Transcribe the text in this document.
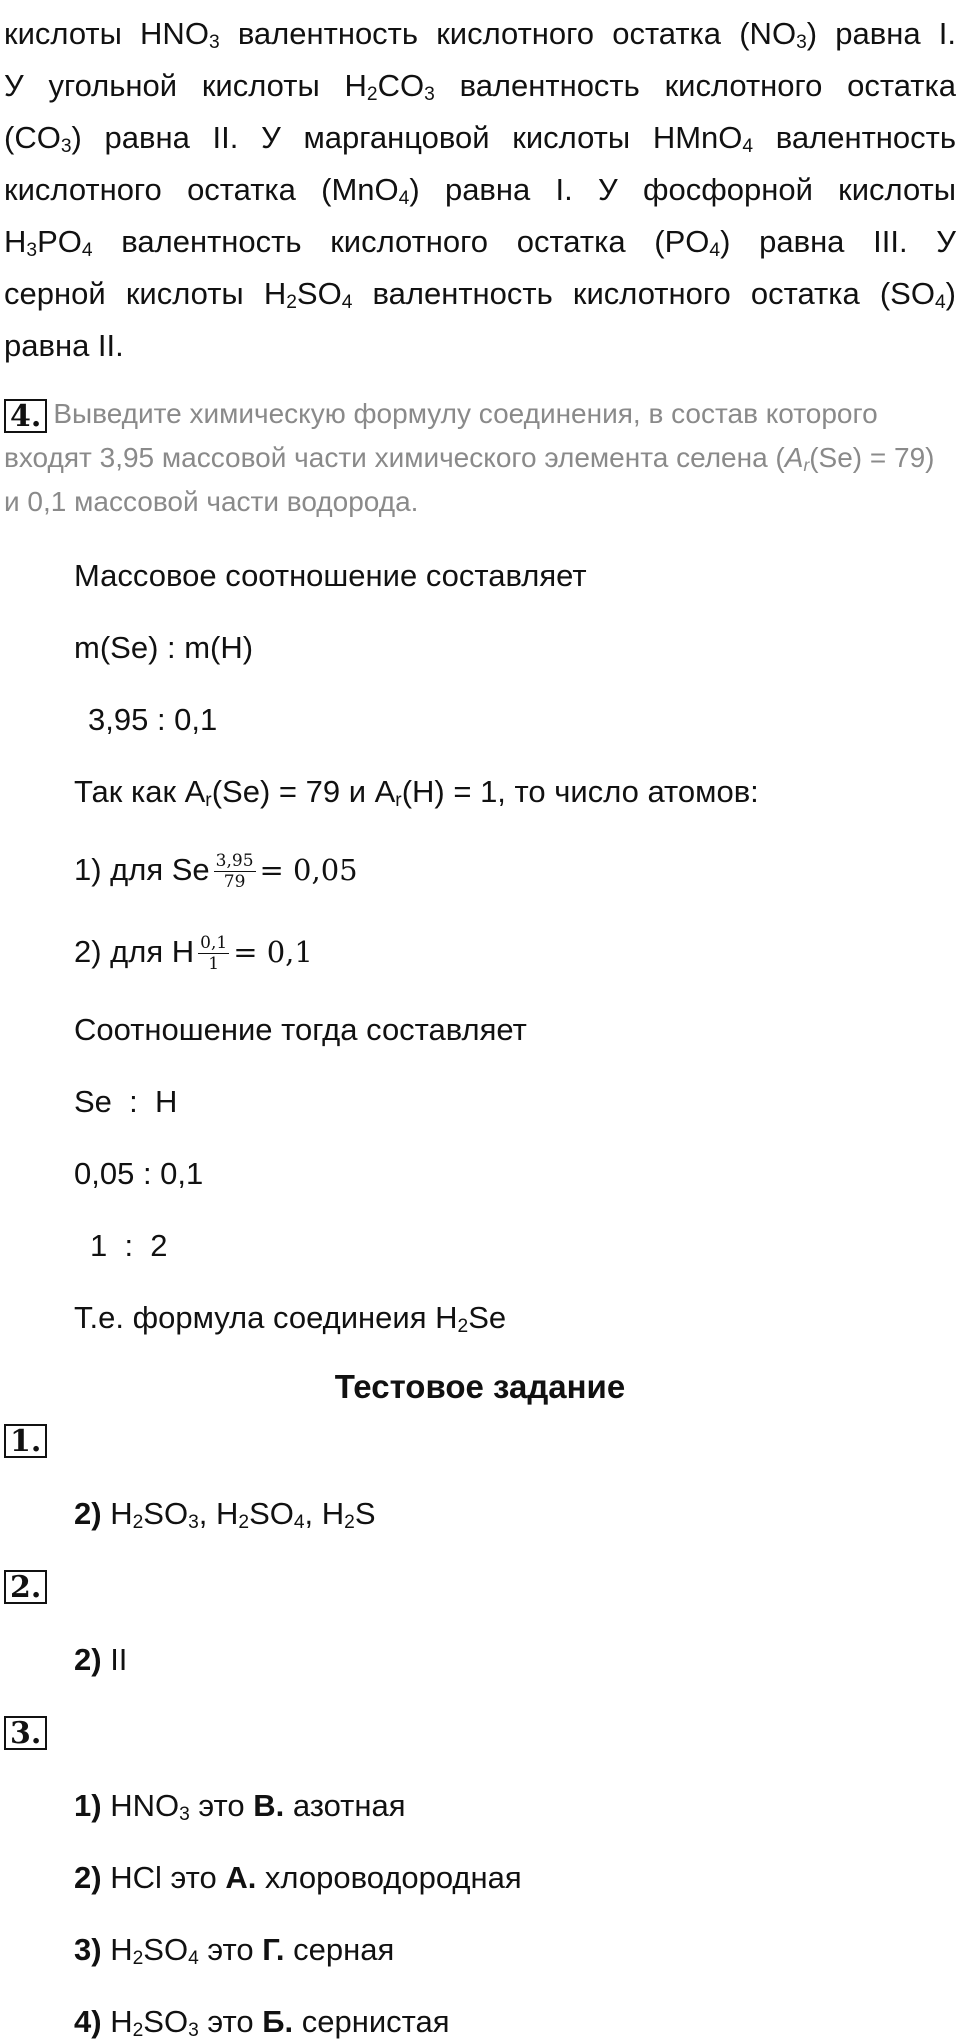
кислоты $HNO_3$ валентность кислотного остатка $(NO_3)$ равна I.
У угольной кислоты $H_2CO_3$ валентность кислотного остатка
$(CO_3)$ равна II. У марганцовой кислоты HMnO$_4$ валентность
кислотного остатка (MnO$_4$) равна I. У фосфорной кислоты
$H_3PO_4$ валентность кислотного остатка $(PO_4)$ равна III. У
серной кислоты $H_2SO_4$ валентность кислотного остатка $(SO_4)$
равна II.
4. Выведите химическую формулу соединения, в состав которого входят 3,95 массовой части химического элемента селена $(A_r(Se) = 79)$ и 0,1 массовой части водорода.
Массовое соотношение составляет
m(Se) : m(H)
3,95 : 0,1
Так как $A_r(Se) = 79$ и $A_r(H) = 1$, то число атомов:
1) для Se $\frac{3,95}{79} = 0,05$
2) для H $\frac{0,1}{1} = 0,1$
Соотношение тогда составляет
Se  :  H
0,05 : 0,1
1  :  2
Т.е. формула соединеия $H_2Se$
Тестовое задание
1.
2) $H_2SO_3$, $H_2SO_4$, $H_2S$
2.
2) II
3.
1) $HNO_3$ это В. азотная
2) HCl это А. хлороводородная
3) $H_2SO_4$ это Г. серная
4) $H_2SO_3$ это Б. сернистая
